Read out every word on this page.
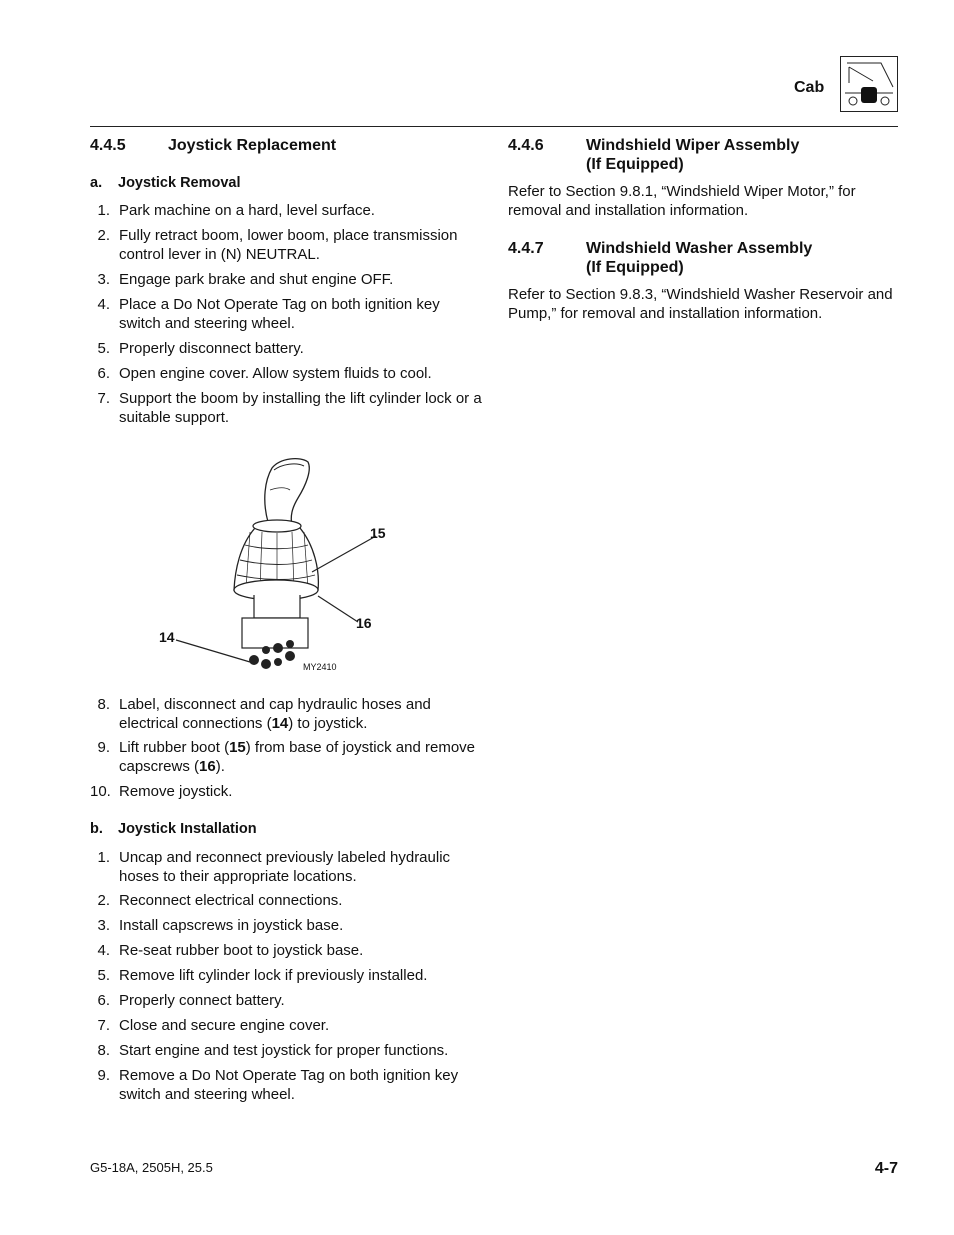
Cab
4.4.5	Joystick Replacement
a. Joystick Removal
1. Park machine on a hard, level surface.
2. Fully retract boom, lower boom, place transmission control lever in (N) NEUTRAL.
3. Engage park brake and shut engine OFF.
4. Place a Do Not Operate Tag on both ignition key switch and steering wheel.
5. Properly disconnect battery.
6. Open engine cover. Allow system fluids to cool.
7. Support the boom by installing the lift cylinder lock or a suitable support.
15
16
14
MY2410
8. Label, disconnect and cap hydraulic hoses and electrical connections (14) to joystick.
9. Lift rubber boot (15) from base of joystick and remove capscrews (16).
10. Remove joystick.
b. Joystick Installation
1. Uncap and reconnect previously labeled hydraulic hoses to their appropriate locations.
2. Reconnect electrical connections.
3. Install capscrews in joystick base.
4. Re-seat rubber boot to joystick base.
5. Remove lift cylinder lock if previously installed.
6. Properly connect battery.
7. Close and secure engine cover.
8. Start engine and test joystick for proper functions.
9. Remove a Do Not Operate Tag on both ignition key switch and steering wheel.
4.4.6	Windshield Wiper Assembly
(If Equipped)
Refer to Section 9.8.1, “Windshield Wiper Motor,” for removal and installation information.
4.4.7	Windshield Washer Assembly
(If Equipped)
Refer to Section 9.8.3, “Windshield Washer Reservoir and Pump,” for removal and installation information.
G5-18A, 2505H, 25.5	4-7
